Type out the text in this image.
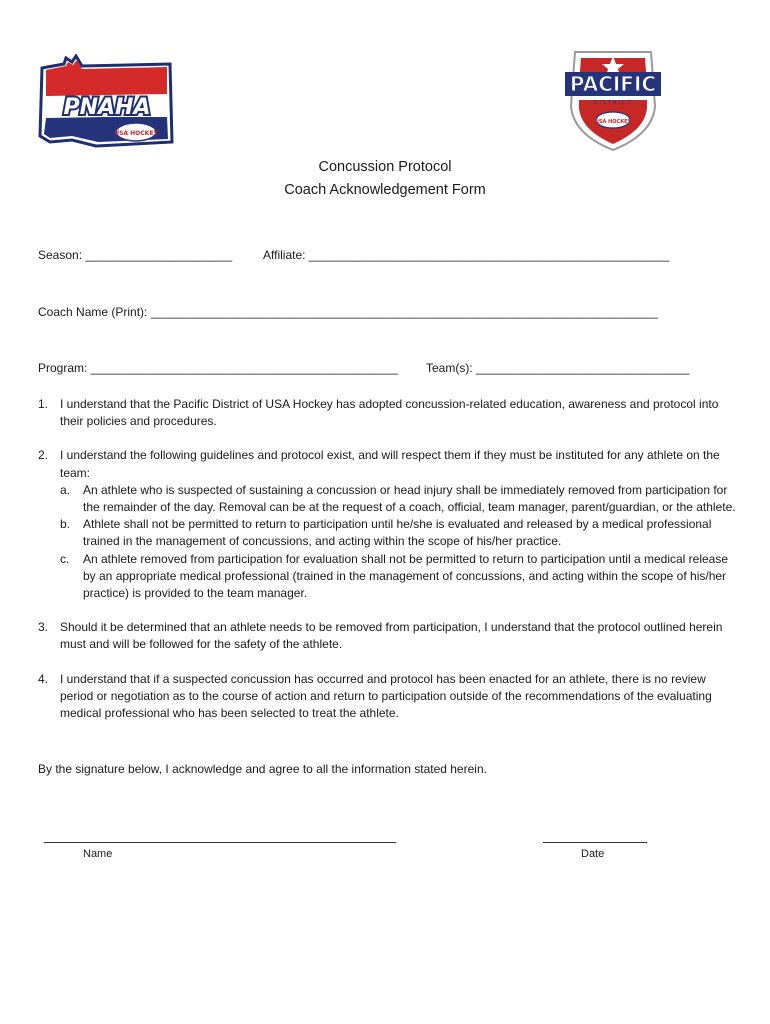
PNAHA
USA HOCKEY
PACIFIC
DISTRICT
USA HOCKEY
Concussion Protocol
Coach Acknowledgement Form
Season: ______________________	Affiliate: ______________________________________________________
Coach Name (Print): ____________________________________________________________________________
Program: ______________________________________________ Team(s): ________________________________
1. I understand that the Pacific District of USA Hockey has adopted concussion-related education, awareness and protocol into their policies and procedures.
2. I understand the following guidelines and protocol exist, and will respect them if they must be instituted for any athlete on the team:
a. An athlete who is suspected of sustaining a concussion or head injury shall be immediately removed from participation for the remainder of the day. Removal can be at the request of a coach, official, team manager, parent/guardian, or the athlete.
b. Athlete shall not be permitted to return to participation until he/she is evaluated and released by a medical professional trained in the management of concussions, and acting within the scope of his/her practice.
c. An athlete removed from participation for evaluation shall not be permitted to return to participation until a medical release by an appropriate medical professional (trained in the management of concussions, and acting within the scope of his/her practice) is provided to the team manager.
3. Should it be determined that an athlete needs to be removed from participation, I understand that the protocol outlined herein must and will be followed for the safety of the athlete.
4. I understand that if a suspected concussion has occurred and protocol has been enacted for an athlete, there is no review period or negotiation as to the course of action and return to participation outside of the recommendations of the evaluating medical professional who has been selected to treat the athlete.
By the signature below, I acknowledge and agree to all the information stated herein.
Name	Date
